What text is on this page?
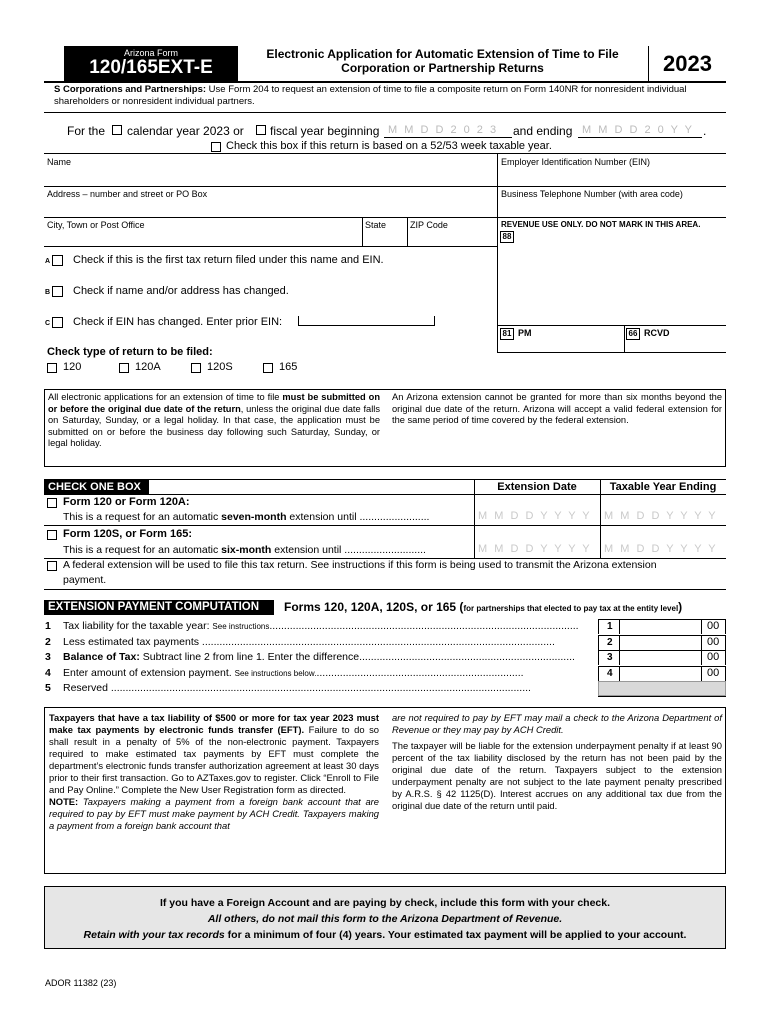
Arizona Form
120/165EXT-E
Electronic Application for Automatic Extension of Time to File
Corporation or Partnership Returns	2023
S Corporations and Partnerships: Use Form 204 to request an extension of time to file a composite return on Form 140NR for nonresident individual shareholders or nonresident individual partners.
For the calendar year 2023 or fiscal year beginning M M D D 2 0 2 3 and ending M M D D 2 0 Y Y .
Check this box if this return is based on a 52/53 week taxable year.
Name	Employer Identification Number (EIN)
Address – number and street or PO Box	Business Telephone Number (with area code)
City, Town or Post Office	State	ZIP Code	REVENUE USE ONLY. DO NOT MARK IN THIS AREA.
88
81 PM	66 RCVD
A Check if this is the first tax return filed under this name and EIN.
B Check if name and/or address has changed.
C Check if EIN has changed. Enter prior EIN:
Check type of return to be filed:
120	120A	120S	165
All electronic applications for an extension of time to file must be submitted on or before the original due date of the return, unless the original due date falls on Saturday, Sunday, or a legal holiday. In that case, the application must be submitted on or before the business day following such Saturday, Sunday, or legal holiday.
An Arizona extension cannot be granted for more than six months beyond the original due date of the return. Arizona will accept a valid federal extension for the same period of time covered by the federal extension.
CHECK ONE BOX	Extension Date	Taxable Year Ending
Form 120 or Form 120A:
This is a request for an automatic seven-month extension until ........................	M M D D Y Y Y Y M M D D Y Y Y Y
Form 120S, or Form 165:
This is a request for an automatic six-month extension until ............................	M M D D Y Y Y Y M M D D Y Y Y Y
A federal extension will be used to file this tax return. See instructions if this form is being used to transmit the Arizona extension
payment.
EXTENSION PAYMENT COMPUTATION	Forms 120, 120A, 120S, or 165 (for partnerships that elected to pay tax at the entity level)
1 Tax liability for the taxable year: See instructions..........................................................................................................	1	00
2 Less estimated tax payments .........................................................................................................................	2	00
3 Balance of Tax: Subtract line 2 from line 1. Enter the difference..........................................................................	3	00
4 Enter amount of extension payment. See instructions below........................................................................	4	00
5 Reserved ................................................................................................................................................

Taxpayers that have a tax liability of $500 or more for tax year 2023 must make tax payments by electronic funds transfer (EFT). Failure to do so shall result in a penalty of 5% of the non-electronic payment. Taxpayers required to make estimated tax payments by EFT must complete the department’s electronic funds transfer authorization agreement at least 30 days prior to their first transaction. Go to AZTaxes.gov to register. Click “Enroll to File and Pay Online.” Complete the New User Registration form as directed.

NOTE: Taxpayers making a payment from a foreign bank account that are required to pay by EFT must make payment by ACH Credit. Taxpayers making a payment from a foreign bank account that

are not required to pay by EFT may mail a check to the Arizona Department of Revenue or they may pay by ACH Credit.

The taxpayer will be liable for the extension underpayment penalty if at least 90 percent of the tax liability disclosed by the return has not been paid by the original due date of the return. Taxpayers subject to the extension underpayment penalty are not subject to the late payment penalty prescribed by A.R.S. § 42 1125(D). Interest accrues on any additional tax due from the original due date of the return until paid.

If you have a Foreign Account and are paying by check, include this form with your check.
All others, do not mail this form to the Arizona Department of Revenue.
Retain with your tax records for a minimum of four (4) years. Your estimated tax payment will be applied to your account.
ADOR 11382 (23)
